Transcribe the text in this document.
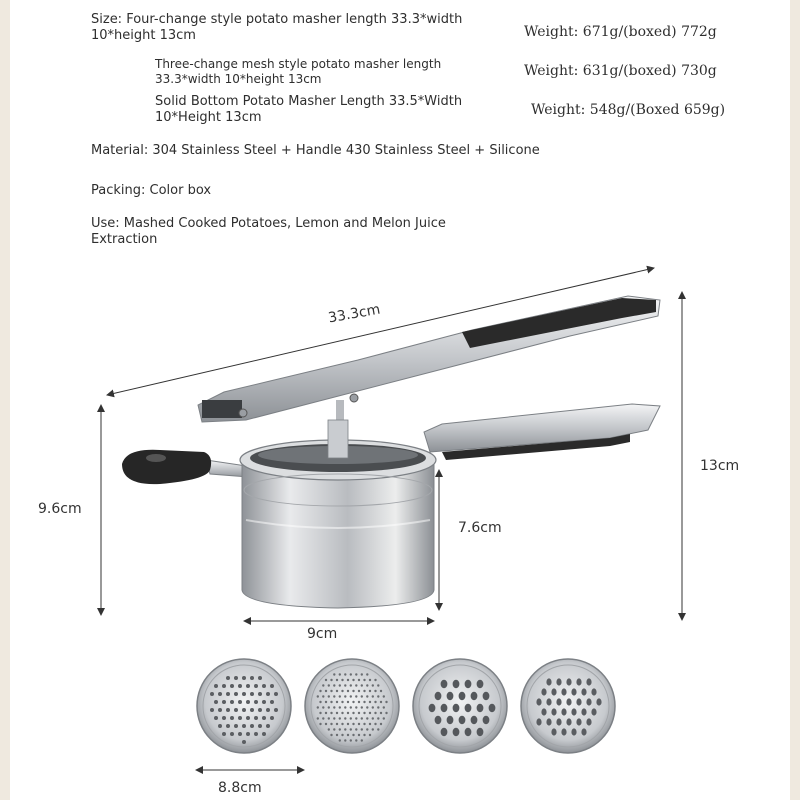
Size: Four-change style potato masher length 33.3*width 10*height 13cm
Three-change mesh style potato masher length 33.3*width 10*height 13cm
Solid Bottom Potato Masher Length 33.5*Width 10*Height 13cm
Material: 304 Stainless Steel + Handle 430 Stainless Steel + Silicone
Packing: Color box
Use: Mashed Cooked Potatoes, Lemon and Melon Juice Extraction
Weight: 671g/(boxed) 772g
Weight: 631g/(boxed) 730g
Weight: 548g/(Boxed 659g)
33.3cm
13cm
9.6cm
7.6cm
9cm
8.8cm
